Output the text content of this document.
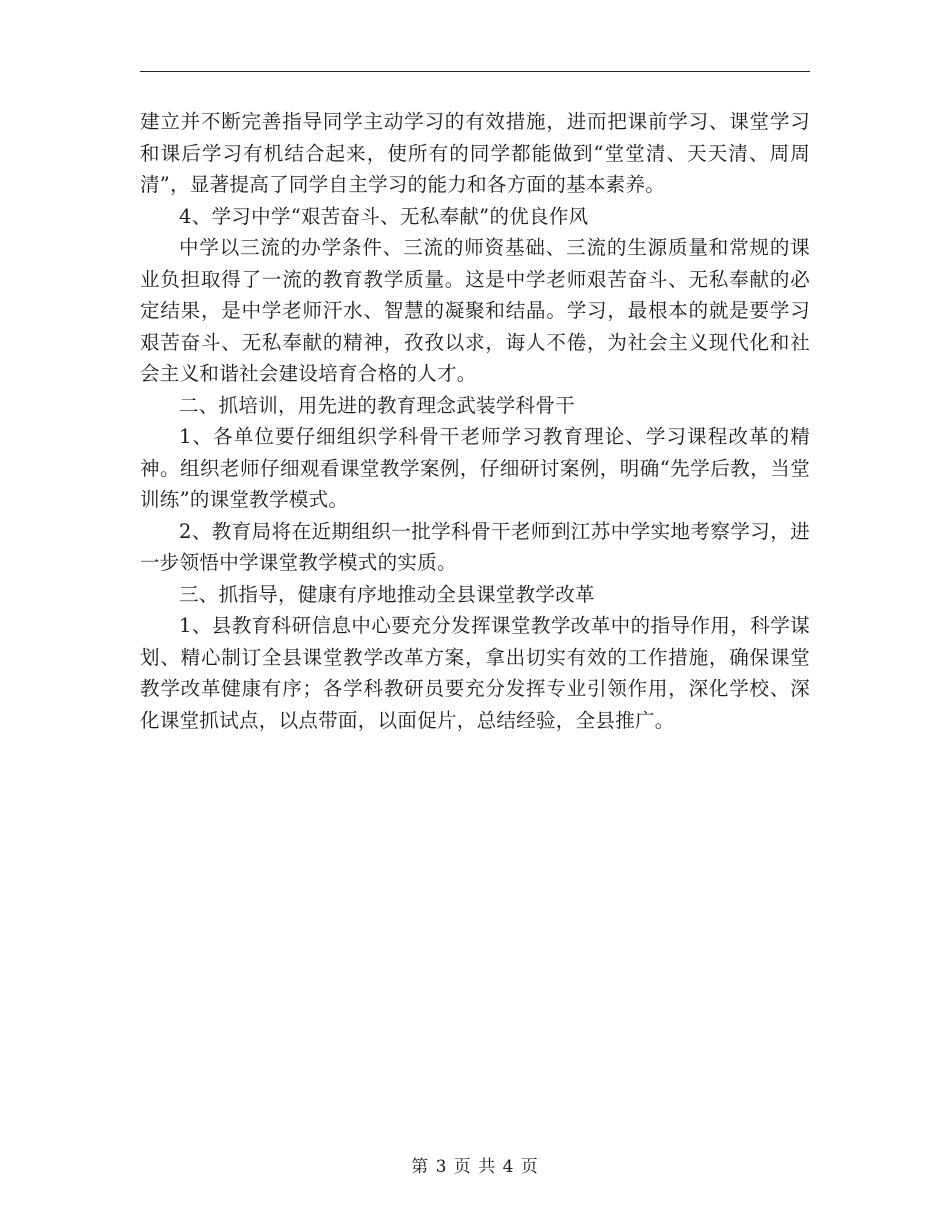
建立并不断完善指导同学主动学习的有效措施，进而把课前学习、课堂学习和课后学习有机结合起来，使所有的同学都能做到“堂堂清、天天清、周周清”，显著提高了同学自主学习的能力和各方面的基本素养。

4、学习中学“艰苦奋斗、无私奉献”的优良作风

中学以三流的办学条件、三流的师资基础、三流的生源质量和常规的课业负担取得了一流的教育教学质量。这是中学老师艰苦奋斗、无私奉献的必定结果，是中学老师汗水、智慧的凝聚和结晶。学习，最根本的就是要学习艰苦奋斗、无私奉献的精神，孜孜以求，诲人不倦，为社会主义现代化和社会主义和谐社会建设培育合格的人才。

二、抓培训，用先进的教育理念武装学科骨干

1、各单位要仔细组织学科骨干老师学习教育理论、学习课程改革的精神。组织老师仔细观看课堂教学案例，仔细研讨案例，明确“先学后教，当堂训练”的课堂教学模式。

2、教育局将在近期组织一批学科骨干老师到江苏中学实地考察学习，进一步领悟中学课堂教学模式的实质。

三、抓指导，健康有序地推动全县课堂教学改革

1、县教育科研信息中心要充分发挥课堂教学改革中的指导作用，科学谋划、精心制订全县课堂教学改革方案，拿出切实有效的工作措施，确保课堂教学改革健康有序；各学科教研员要充分发挥专业引领作用，深化学校、深化课堂抓试点，以点带面，以面促片，总结经验，全县推广。

第 3 页 共 4 页
